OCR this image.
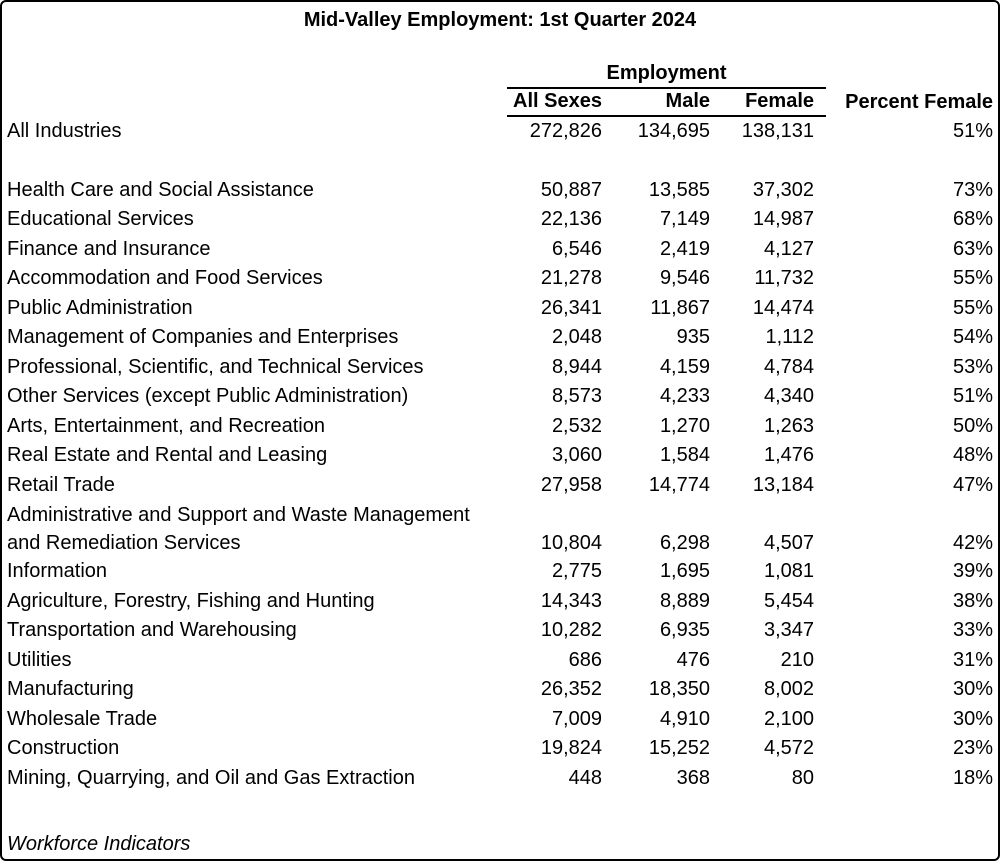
Mid-Valley Employment: 1st Quarter 2024
	Employment			
	All Sexes	Male	Female	Percent Female

All Industries	272,826	134,695	138,131	51%

Health Care and Social Assistance	50,887	13,585	37,302	73%

Educational Services	22,136	7,149	14,987	68%

Finance and Insurance	6,546	2,419	4,127	63%

Accommodation and Food Services	21,278	9,546	11,732	55%

Public Administration	26,341	11,867	14,474	55%

Management of Companies and Enterprises	2,048	935	1,112	54%

Professional, Scientific, and Technical Services	8,944	4,159	4,784	53%

Other Services (except Public Administration)	8,573	4,233	4,340	51%

Arts, Entertainment, and Recreation	2,532	1,270	1,263	50%

Real Estate and Rental and Leasing	3,060	1,584	1,476	48%

Retail Trade	27,958	14,774	13,184	47%

Administrative and Support and Waste Management
and Remediation Services	10,804	6,298	4,507	42%

Information	2,775	1,695	1,081	39%

Agriculture, Forestry, Fishing and Hunting	14,343	8,889	5,454	38%

Transportation and Warehousing	10,282	6,935	3,347	33%

Utilities	686	476	210	31%

Manufacturing	26,352	18,350	8,002	30%

Wholesale Trade	7,009	4,910	2,100	30%

Construction	19,824	15,252	4,572	23%

Mining, Quarrying, and Oil and Gas Extraction	448	368	80	18%
Workforce Indicators
